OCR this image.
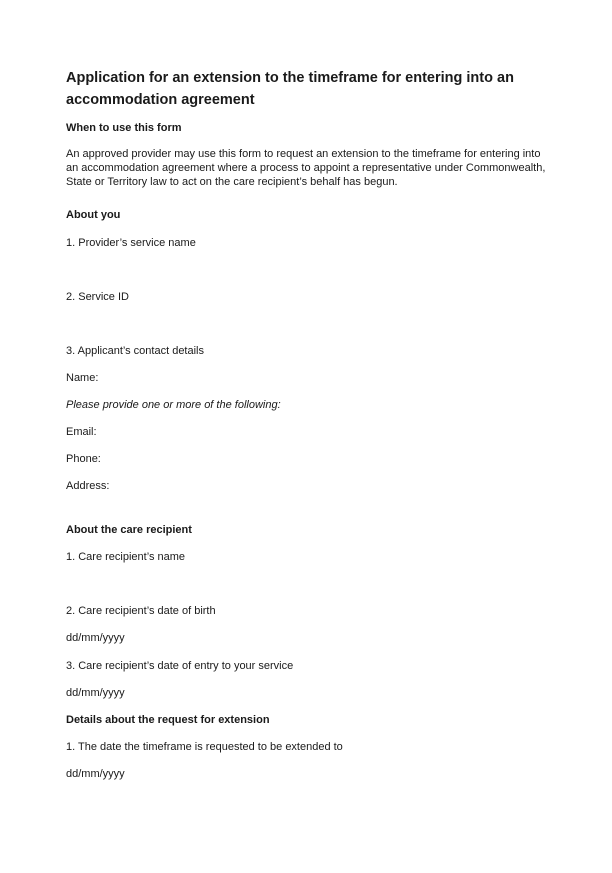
Application for an extension to the timeframe for entering into an accommodation agreement
When to use this form
An approved provider may use this form to request an extension to the timeframe for entering into an accommodation agreement where a process to appoint a representative under Commonwealth, State or Territory law to act on the care recipient’s behalf has begun.
About you
1. Provider’s service name
2. Service ID
3. Applicant’s contact details
Name:
Please provide one or more of the following:
Email:
Phone:
Address:
About the care recipient
1. Care recipient’s name
2. Care recipient’s date of birth
dd/mm/yyyy
3. Care recipient’s date of entry to your service
dd/mm/yyyy
Details about the request for extension
1. The date the timeframe is requested to be extended to
dd/mm/yyyy
